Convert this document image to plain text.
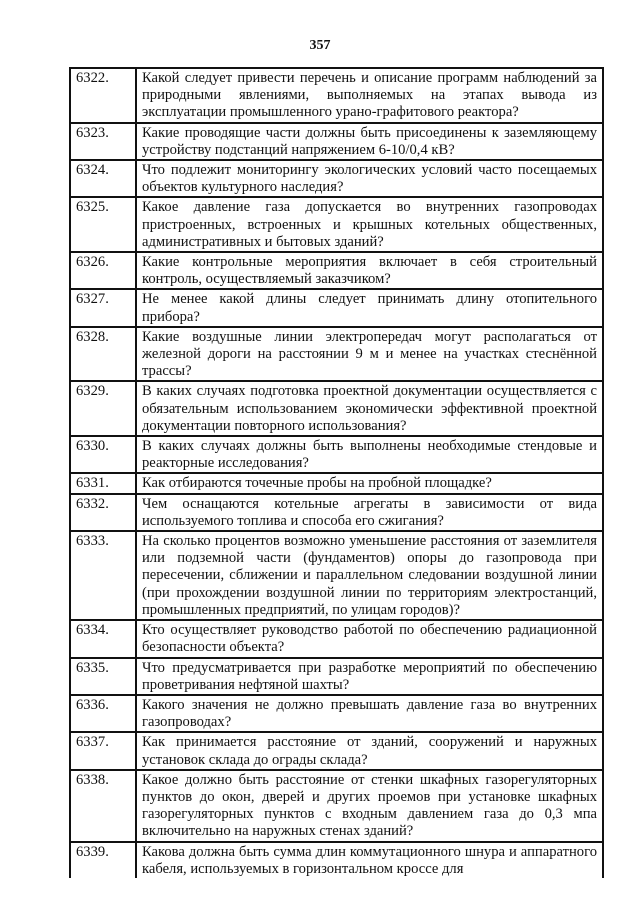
357
6322.	Какой следует привести перечень и описание программ наблюдений за природными явлениями, выполняемых на этапах вывода из эксплуатации промышленного урано-графитового реактора?
6323.	Какие проводящие части должны быть присоединены к заземляющему устройству подстанций напряжением 6-10/0,4 кВ?
6324.	Что подлежит мониторингу экологических условий часто посещаемых объектов культурного наследия?
6325.	Какое давление газа допускается во внутренних газопроводах пристроенных, встроенных и крышных котельных общественных, административных и бытовых зданий?
6326.	Какие контрольные мероприятия включает в себя строительный контроль, осуществляемый заказчиком?
6327.	Не менее какой длины следует принимать длину отопительного прибора?
6328.	Какие воздушные линии электропередач могут располагаться от железной дороги на расстоянии 9 м и менее на участках стеснённой трассы?
6329.	В каких случаях подготовка проектной документации осуществляется с обязательным использованием экономически эффективной проектной документации повторного использования?
6330.	В каких случаях должны быть выполнены необходимые стендовые и реакторные исследования?
6331.	Как отбираются точечные пробы на пробной площадке?
6332.	Чем оснащаются котельные агрегаты в зависимости от вида используемого топлива и способа его сжигания?
6333.	На сколько процентов возможно уменьшение расстояния от заземлителя или подземной части (фундаментов) опоры до газопровода при пересечении, сближении и параллельном следовании воздушной линии (при прохождении воздушной линии по территориям электростанций, промышленных предприятий, по улицам городов)?
6334.	Кто осуществляет руководство работой по обеспечению радиационной безопасности объекта?
6335.	Что предусматривается при разработке мероприятий по обеспечению проветривания нефтяной шахты?
6336.	Какого значения не должно превышать давление газа во внутренних газопроводах?
6337.	Как принимается расстояние от зданий, сооружений и наружных установок склада до ограды склада?
6338.	Какое должно быть расстояние от стенки шкафных газорегуляторных пунктов до окон, дверей и других проемов при установке шкафных газорегуляторных пунктов с входным давлением газа до 0,3 мпа включительно на наружных стенах зданий?
6339.	Какова должна быть сумма длин коммутационного шнура и аппаратного кабеля, используемых в горизонтальном кроссе для
